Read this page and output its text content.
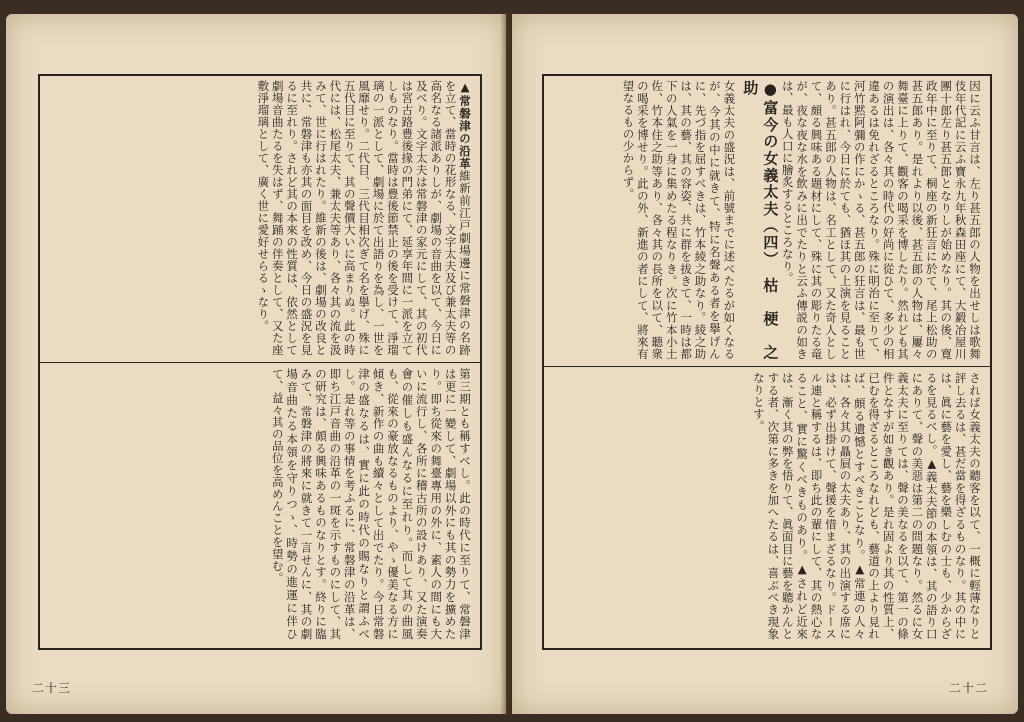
▲常磐津の沿革維新前江戸劇場邊に常磐津の名跡を立て、當時の花形なる、文字太夫及び兼太夫等の高名なる諸派ありしが、劇場の音曲を以て、今日に及べり。文字太夫は常磐津の家元にして、其の初代は宮古路豊後掾の門弟にて、延享年間に一派を立てしものなり。當時は豊後節禁止の後を受けて、淨瑠璃の一派として、劇場に於て出語りを為し、一世を風靡せり。二代目、三代目相次ぎて名を擧げ、殊に五代目に至りて、其の聲價大いに高まりぬ。此の時代には、松尾太夫、兼太夫等あり、各々其の流を汲みて、世に行はれたり。維新の後は、劇場の改良と共に、常磐津も亦其の面目を改め、今日の盛況を見るに至れり。されど其の本來の性質は、依然として劇場音曲たるを失はず、舞踊の伴奏として、又た座敷淨瑠璃として、廣く世に愛好せらるゝなり。

第三期とも稱すべし。此の時代に至りて、常磐津は更に一變して、劇場以外にも其の勢力を擴めたり。即ち從來の舞臺專用の外に、素人の間にも大いに流行し、各所に稽古所の設けあり、又た演奏會の催しも盛んなるに至れり。而して其の曲風も、從來の豪放なるものより、やゝ優美なる方に傾き、新作の曲も續々として出でたり。今日常磐津の盛なるは、實に此の時代の賜なりと謂ふべし。是れ等の事情を考ふるに、常磐津の沿革は、即ち江戸音曲の沿革の一斑を示すものにして、其の研究は、頗る興味あるものなりとす。終りに臨みて、常磐津の將來に就きて一言せんに、其の劇場音曲たる本領を守りつゝ、時勢の進運に伴ひて、益々其の品位を高めんことを望む。

二十三

因に云ふ甘言は、左り甚五郎の人物を出せしは歌舞伎年代記に云ふ寶永九年秋森田座にて、大鍛冶屋川團十郎左り甚五郎となりしが始めなり。其の後、寛政年中に至りて、桐座の新狂言に於て、尾上松助の甚五郎あり。是れより以後、甚五郎の人物は、屢々舞臺に上りて、觀客の喝采を博したり。然れども其の演出は、各々其の時代の好尚に從ひて、多少の相違あるは免れざるところなり。殊に明治に至りて、河竹黙阿彌の作にかゝる、甚五郎の狂言は、最も世に行はれ、今日に於ても、猶ほ其の上演を見ることあり。甚五郎の人物は、名工として、又た奇人として、頗る興味ある題材にして、殊に其の彫りたる竜が、夜な夜な水を飲みに出でたりと云ふ傳説の如きは、最も人口に膾炙するところなり。

●富今の女義太夫（四）　枯　梗　之　助

女義太夫の盛況は、前號までに述べたるが如くなるが、今其の中に就きて、特に名聲ある者を擧げんに、先づ指を屈すべきは、竹本綾之助なり。綾之助は、其の藝、其の容姿、共に群を拔きて、一時は都下の人氣を一身に集めたる程なりき。次に竹本小土佐、竹本住之助等あり、各々其の長所を以て、聽衆の喝采を博せり。此の外、新進の者にして、將來有望なるもの少からず。

されば女義太夫の聽客を以て、一概に輕薄なりと評し去るは、甚だ當を得ざるものなり。其の中には、眞に藝を愛し、藝を樂しむの士も、少からざるを見るべし。▲義太夫節の本領は、其の語り口にありて、聲の美惡は第二の問題なり。然るに女義太夫に至りては、聲の美なるを以て、第一の條件となすが如き觀あり。是れ固より其の性質上、已むを得ざるところなれども、藝道の上より見れば、頗る遺憾とすべきことなり。▲常連の人々は、各々其の贔屓の太夫あり、其の出演する席には、必ず出掛けて、聲援を惜まざるなり。ドースル連と稱するは、即ち此の輩にして、其の熱心なること、實に驚くべきものあり。▲されど近來は、漸く其の弊を悟りて、眞面目に藝を聽かんとする者、次第に多きを加へたるは、喜ぶべき現象なりとす。

二十二
